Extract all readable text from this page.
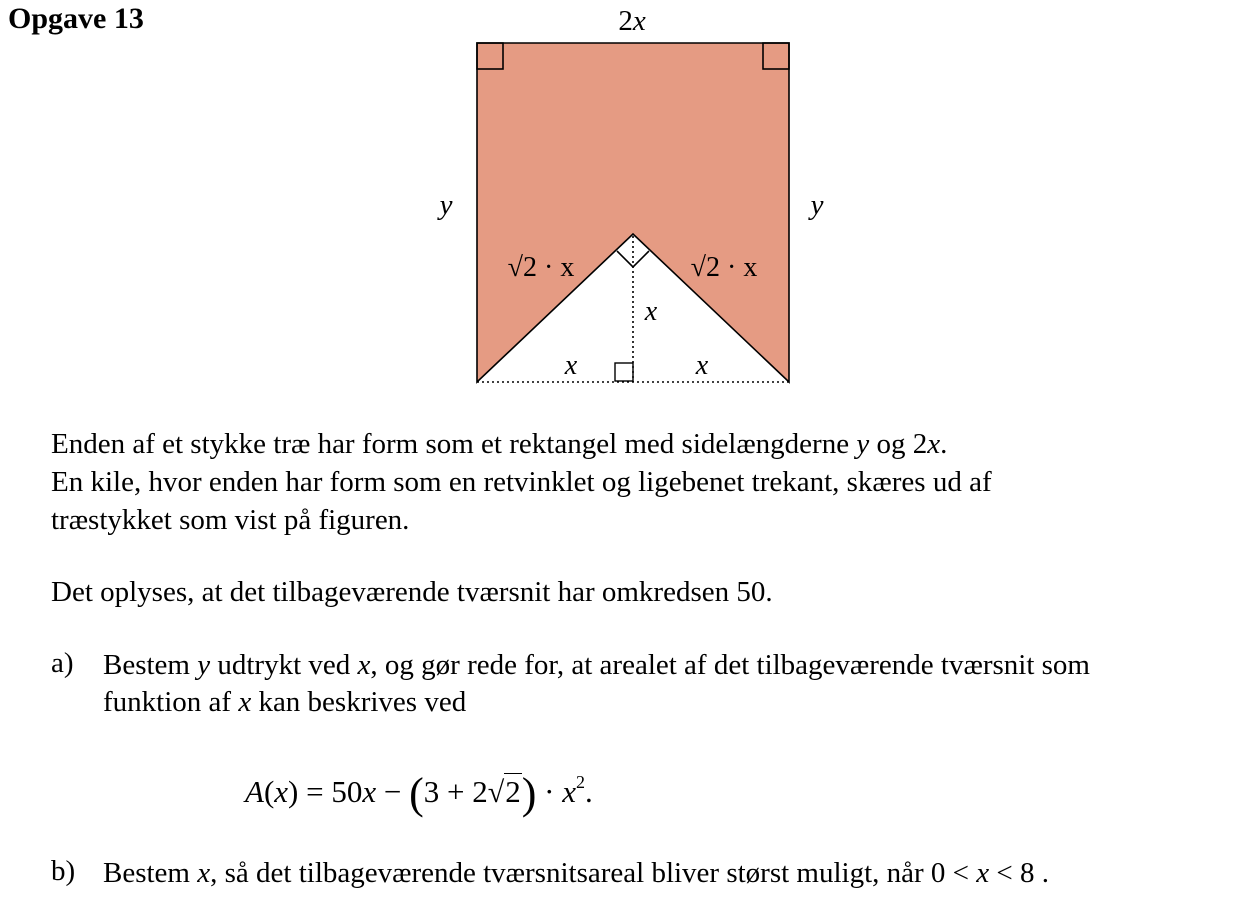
Opgave 13	2x
y	y
√2 · x	√2 · x
x
x	x
Enden af et stykke træ har form som et rektangel med sidelængderne y og 2x.
En kile, hvor enden har form som en retvinklet og ligebenet trekant, skæres ud af
træstykket som vist på figuren.
Det oplyses, at det tilbageværende tværsnit har omkredsen 50.
a) Bestem y udtrykt ved x, og gør rede for, at arealet af det tilbageværende tværsnit som
funktion af x kan beskrives ved
$A(x) = 50x - (3 + 2√2) \cdot x^2$.
b) Bestem x, så det tilbageværende tværsnitsareal bliver størst muligt, når 0 < x < 8 .
